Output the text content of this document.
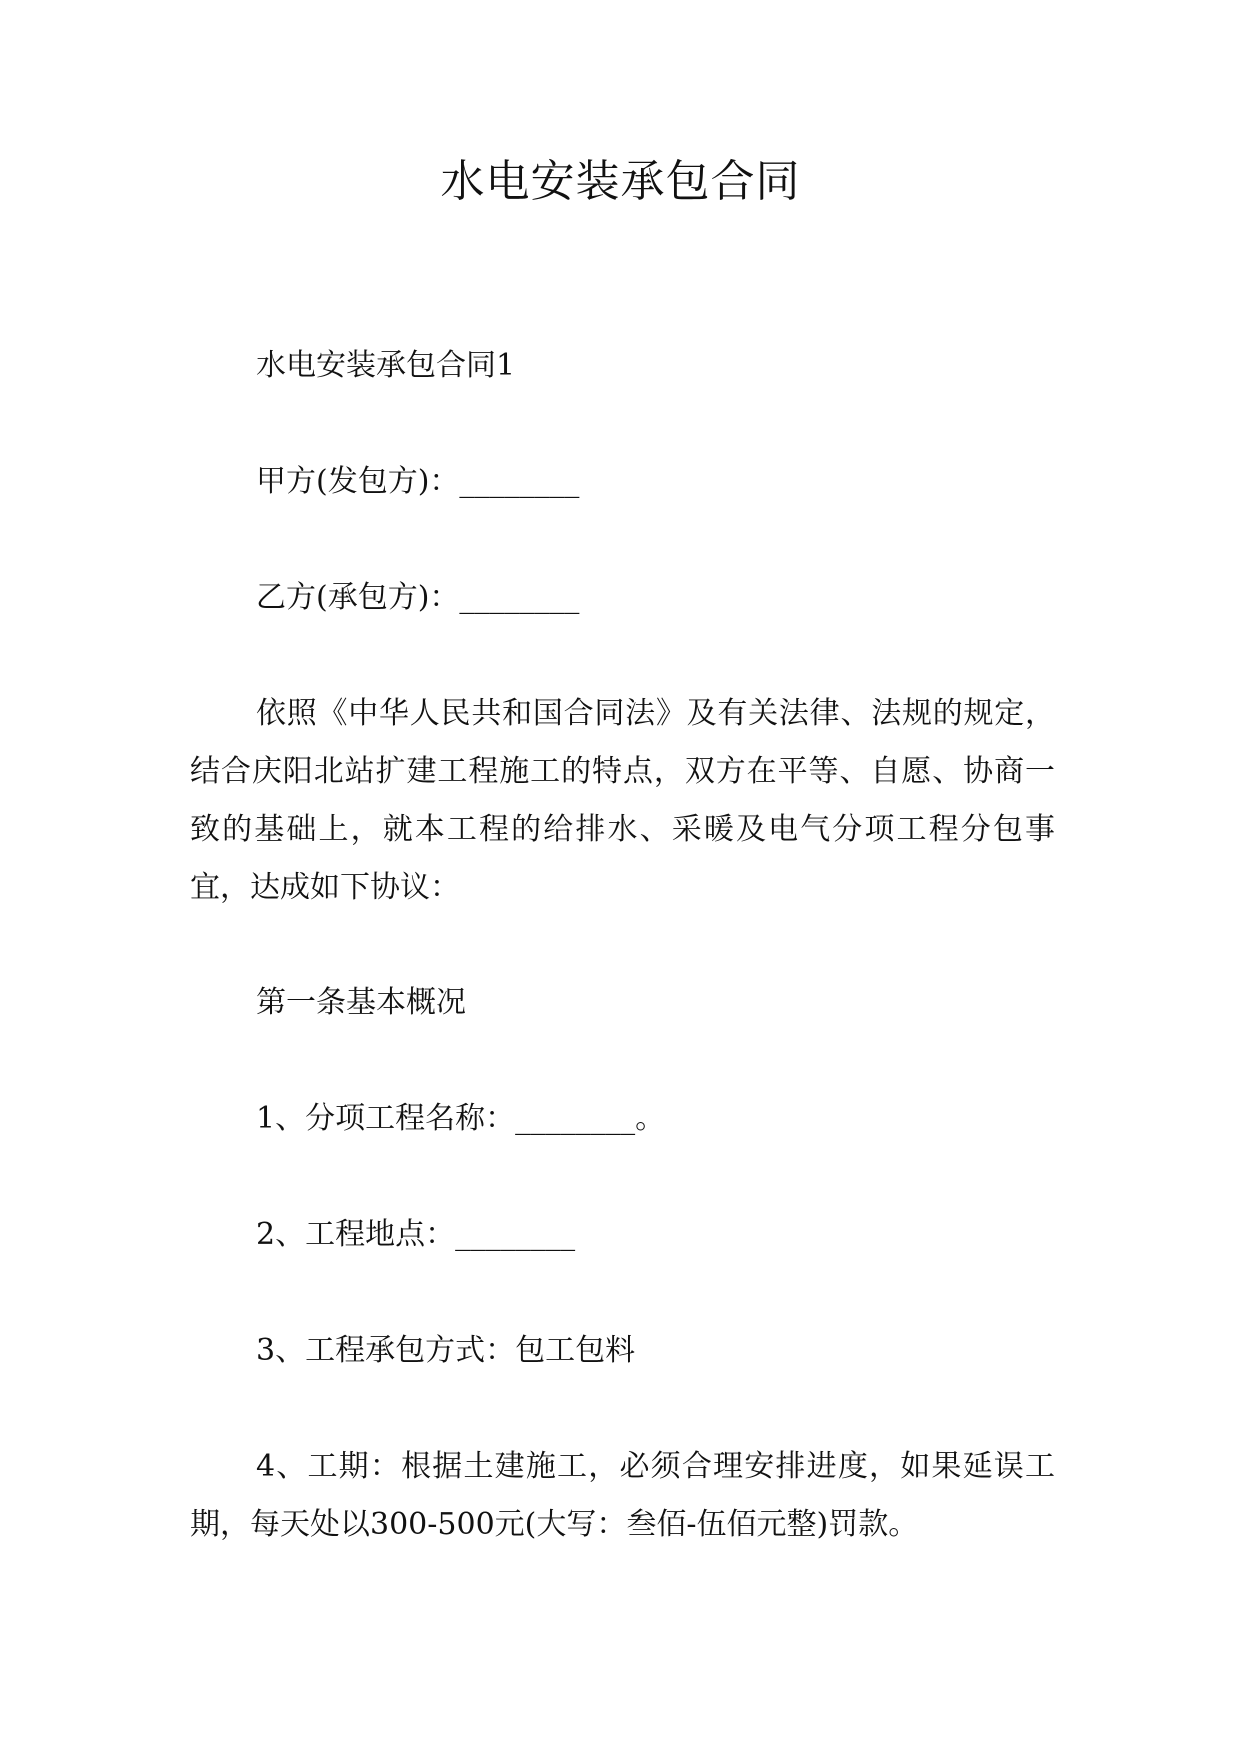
水电安装承包合同

水电安装承包合同1

甲方(发包方)：________

乙方(承包方)：________

依照《中华人民共和国合同法》及有关法律、法规的规定，结合庆阳北站扩建工程施工的特点，双方在平等、自愿、协商一致的基础上，就本工程的给排水、采暖及电气分项工程分包事宜，达成如下协议：

第一条基本概况

1、分项工程名称：________。

2、工程地点：________

3、工程承包方式：包工包料

4、工期：根据土建施工，必须合理安排进度，如果延误工期，每天处以300-500元(大写：叁佰-伍佰元整)罚款。
